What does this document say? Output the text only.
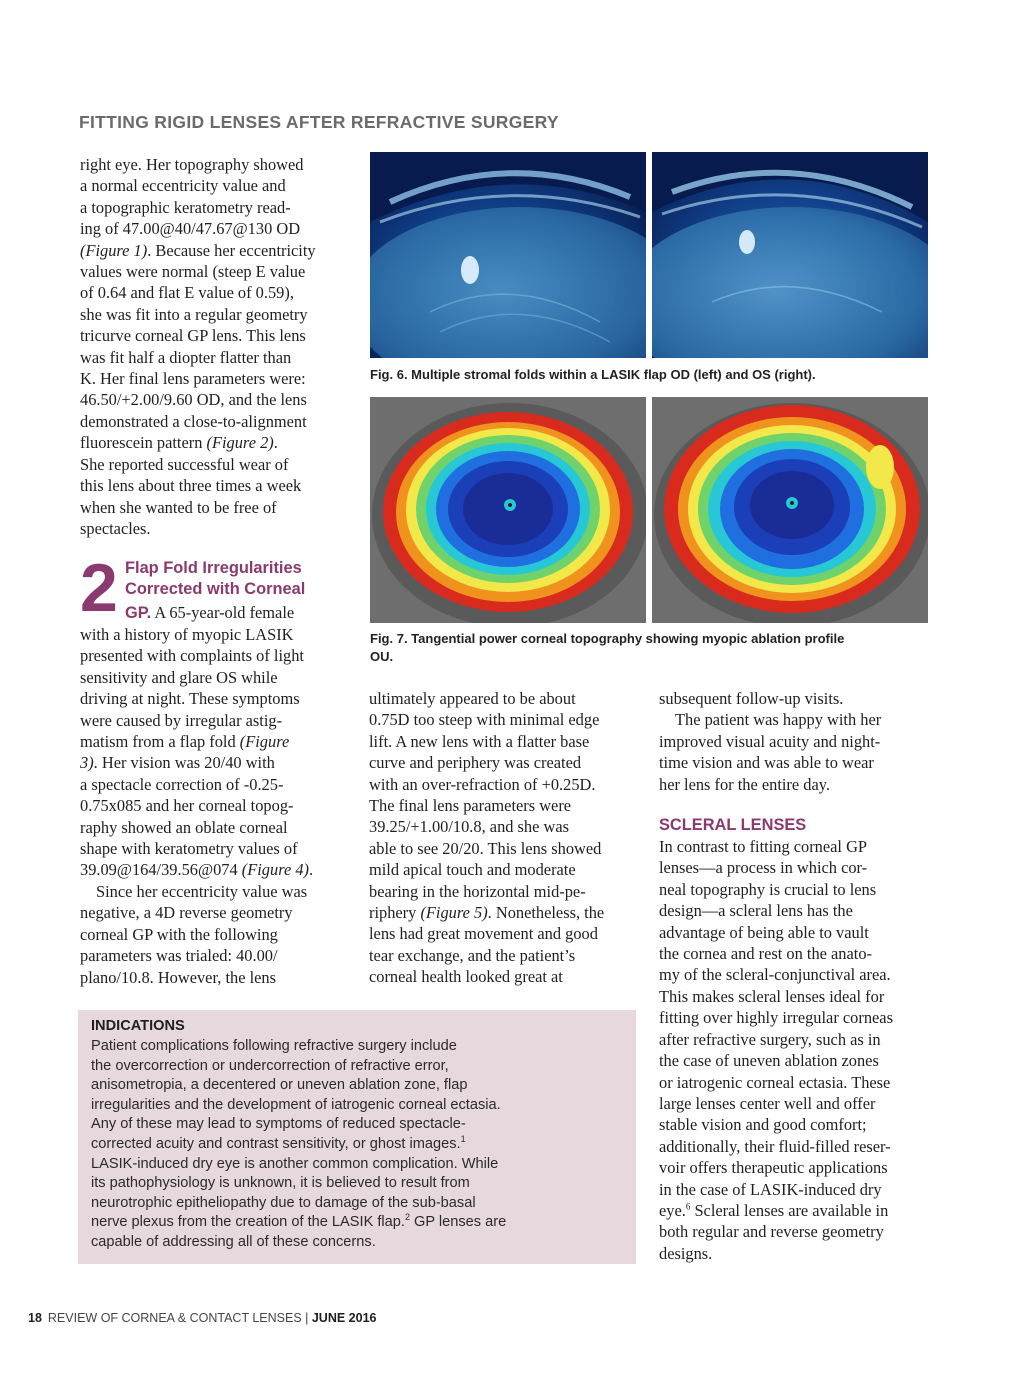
FITTING RIGID LENSES AFTER REFRACTIVE SURGERY

right eye. Her topography showed

a normal eccentricity value and

a topographic keratometry read-

ing of 47.00@40/47.67@130 OD

(Figure 1). Because her eccentricity

values were normal (steep E value

of 0.64 and flat E value of 0.59),

she was fit into a regular geometry

tricurve corneal GP lens. This lens

was fit half a diopter flatter than

K. Her final lens parameters were:

46.50/+2.00/9.60 OD, and the lens

demonstrated a close-to-alignment

fluorescein pattern (Figure 2).

She reported successful wear of

this lens about three times a week

when she wanted to be free of

spectacles.

2 Flap Fold Irregularities
Corrected with Corneal
GP. A 65-year-old female

with a history of myopic LASIK

presented with complaints of light

sensitivity and glare OS while

driving at night. These symptoms

were caused by irregular astig-

matism from a flap fold (Figure

3). Her vision was 20/40 with

a spectacle correction of -0.25-

0.75x085 and her corneal topog-

raphy showed an oblate corneal

shape with keratometry values of

39.09@164/39.56@074 (Figure 4).

Since her eccentricity value was

negative, a 4D reverse geometry

corneal GP with the following

parameters was trialed: 40.00/

plano/10.8. However, the lens

Fig. 6. Multiple stromal folds within a LASIK flap OD (left) and OS (right).
Fig. 7. Tangential power corneal topography showing myopic ablation profile
OU.

ultimately appeared to be about

0.75D too steep with minimal edge

lift. A new lens with a flatter base

curve and periphery was created

with an over-refraction of +0.25D.

The final lens parameters were

39.25/+1.00/10.8, and she was

able to see 20/20. This lens showed

mild apical touch and moderate

bearing in the horizontal mid-pe-

riphery (Figure 5). Nonetheless, the

lens had great movement and good

tear exchange, and the patient’s

corneal health looked great at

subsequent follow-up visits.

The patient was happy with her

improved visual acuity and night-

time vision and was able to wear

her lens for the entire day.

SCLERAL LENSES

In contrast to fitting corneal GP

lenses—a process in which cor-

neal topography is crucial to lens

design—a scleral lens has the

advantage of being able to vault

the cornea and rest on the anato-

my of the scleral-conjunctival area.

This makes scleral lenses ideal for

fitting over highly irregular corneas

after refractive surgery, such as in

the case of uneven ablation zones

or iatrogenic corneal ectasia. These

large lenses center well and offer

stable vision and good comfort;

additionally, their fluid-filled reser-

voir offers therapeutic applications

in the case of LASIK-induced dry

eye.$^6$ Scleral lenses are available in

both regular and reverse geometry

designs.

INDICATIONS
Patient complications following refractive surgery include
the overcorrection or undercorrection of refractive error,
anisometropia, a decentered or uneven ablation zone, flap
irregularities and the development of iatrogenic corneal ectasia.
Any of these may lead to symptoms of reduced spectacle-
corrected acuity and contrast sensitivity, or ghost images.$^1$
LASIK-induced dry eye is another common complication. While
its pathophysiology is unknown, it is believed to result from
neurotrophic epitheliopathy due to damage of the sub-basal
nerve plexus from the creation of the LASIK flap.$^2$ GP lenses are
capable of addressing all of these concerns.
18 REVIEW OF CORNEA & CONTACT LENSES | JUNE 2016
